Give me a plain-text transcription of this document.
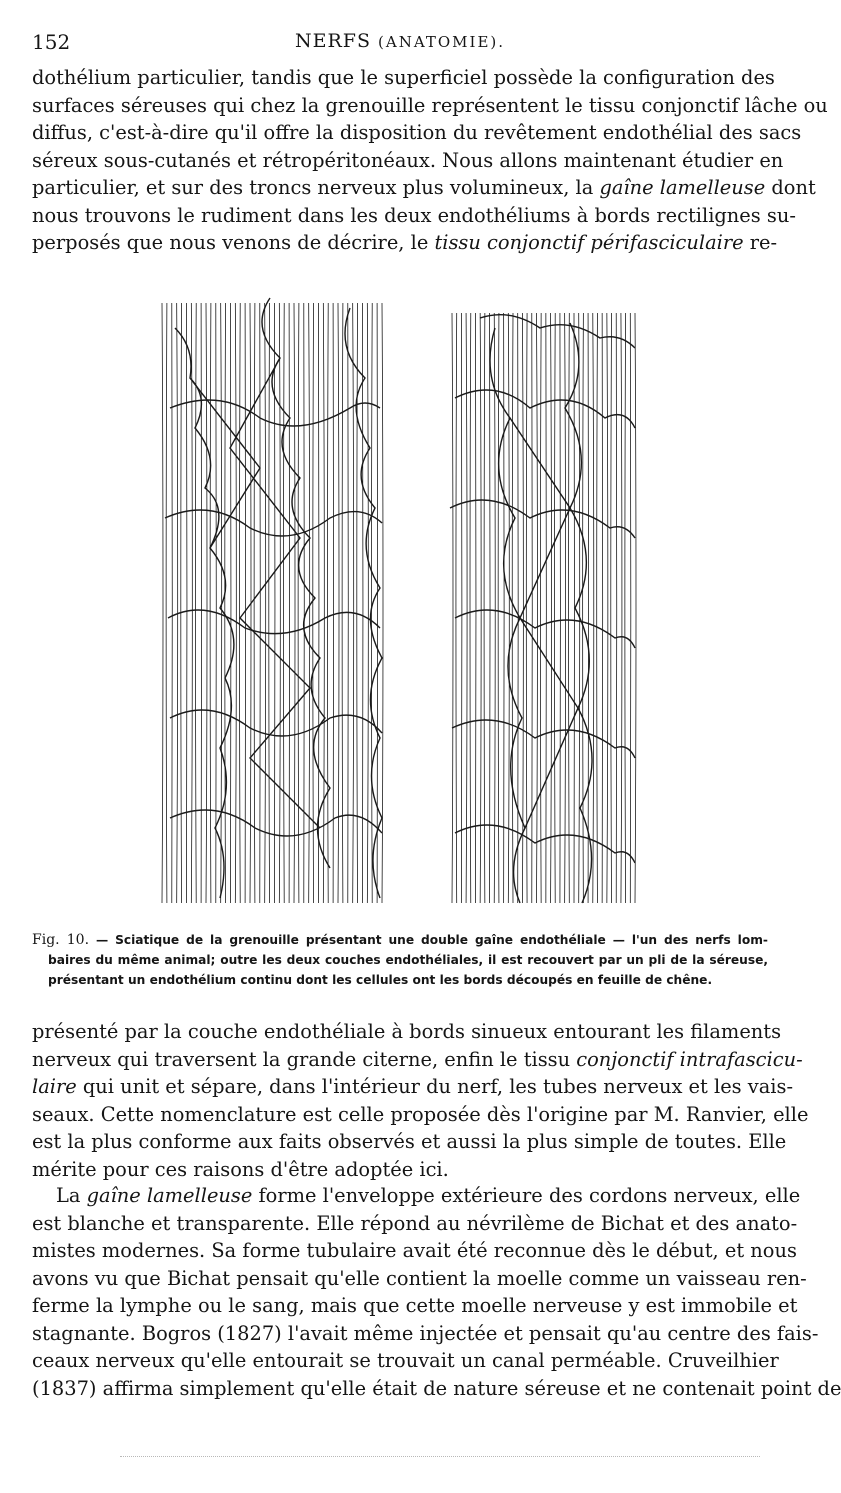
152	NERFS (ANATOMIE).
dothélium particulier, tandis que le superficiel possède la configuration des
surfaces séreuses qui chez la grenouille représentent le tissu conjonctif lâche ou
diffus, c'est-à-dire qu'il offre la disposition du revêtement endothélial des sacs
séreux sous-cutanés et rétropéritonéaux. Nous allons maintenant étudier en
particulier, et sur des troncs nerveux plus volumineux, la gaîne lamelleuse dont
nous trouvons le rudiment dans les deux endothéliums à bords rectilignes su-
perposés que nous venons de décrire, le tissu conjonctif périfasciculaire re-
Fig. 10. — Sciatique de la grenouille présentant une double gaîne endothéliale — l'un des nerfs lom-
baires du même animal; outre les deux couches endothéliales, il est recouvert par un pli de la séreuse,
présentant un endothélium continu dont les cellules ont les bords découpés en feuille de chêne.
présenté par la couche endothéliale à bords sinueux entourant les filaments
nerveux qui traversent la grande citerne, enfin le tissu conjonctif intrafascicu-
laire qui unit et sépare, dans l'intérieur du nerf, les tubes nerveux et les vais-
seaux. Cette nomenclature est celle proposée dès l'origine par M. Ranvier, elle
est la plus conforme aux faits observés et aussi la plus simple de toutes. Elle
mérite pour ces raisons d'être adoptée ici.
La gaîne lamelleuse forme l'enveloppe extérieure des cordons nerveux, elle
est blanche et transparente. Elle répond au névrilème de Bichat et des anato-
mistes modernes. Sa forme tubulaire avait été reconnue dès le début, et nous
avons vu que Bichat pensait qu'elle contient la moelle comme un vaisseau ren-
ferme la lymphe ou le sang, mais que cette moelle nerveuse y est immobile et
stagnante. Bogros (1827) l'avait même injectée et pensait qu'au centre des fais-
ceaux nerveux qu'elle entourait se trouvait un canal perméable. Cruveilhier
(1837) affirma simplement qu'elle était de nature séreuse et ne contenait point de
